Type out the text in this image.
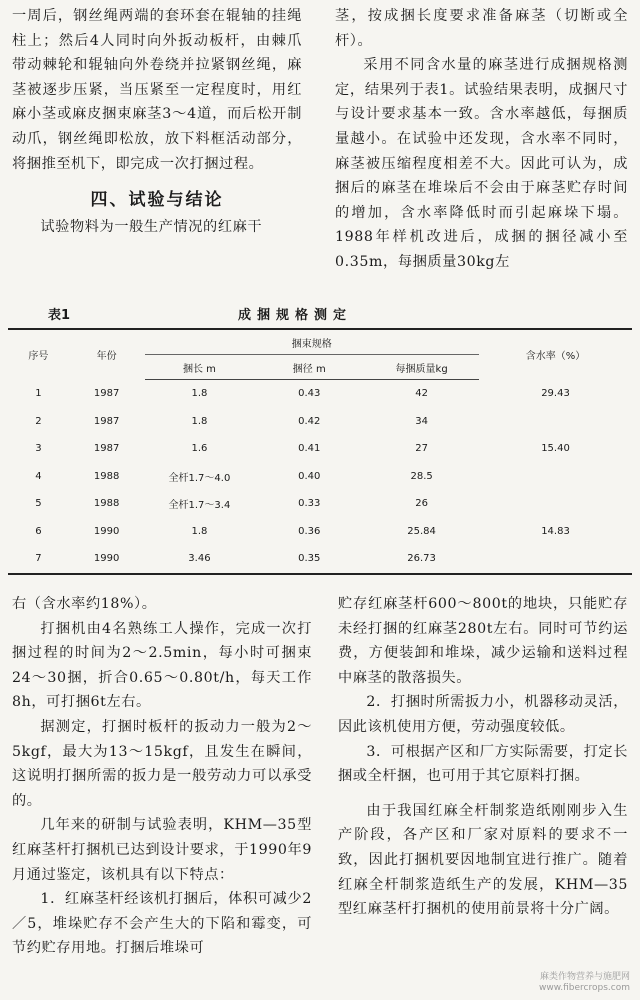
一周后，钢丝绳两端的套环套在辊轴的挂绳柱上；然后4人同时向外扳动板杆，由棘爪带动棘轮和辊轴向外卷绕并拉紧钢丝绳，麻茎被逐步压紧，当压紧至一定程度时，用红麻小茎或麻皮捆束麻茎3～4道，而后松开制动爪，钢丝绳即松放，放下料框活动部分，将捆推至机下，即完成一次打捆过程。

四、试验与结论

试验物料为一般生产情况的红麻干

茎，按成捆长度要求准备麻茎（切断或全杆）。

采用不同含水量的麻茎进行成捆规格测定，结果列于表1。试验结果表明，成捆尺寸与设计要求基本一致。含水率越低，每捆质量越小。在试验中还发现，含水率不同时，麻茎被压缩程度相差不大。因此可认为，成捆后的麻茎在堆垛后不会由于麻茎贮存时间的增加，含水率降低时而引起麻垛下塌。1988年样机改进后，成捆的捆径减小至0.35m，每捆质量30kg左

表1	成捆规格测定
序号	年份	捆束规格			含水率（%）
		捆长 m	捆径 m	每捆质量kg	
1	1987	1.8	0.43	42	29.43
2	1987	1.8	0.42	34	
3	1987	1.6	0.41	27	15.40
4	1988	全杆1.7～4.0	0.40	28.5	
5	1988	全杆1.7～3.4	0.33	26	
6	1990	1.8	0.36	25.84	14.83
7	1990	3.46	0.35	26.73	

右（含水率约18%）。

打捆机由4名熟练工人操作，完成一次打捆过程的时间为2～2.5min，每小时可捆束24～30捆，折合0.65～0.80t/h，每天工作8h，可打捆6t左右。

据测定，打捆时板杆的扳动力一般为2～5kgf，最大为13～15kgf，且发生在瞬间，这说明打捆所需的扳力是一般劳动力可以承受的。

几年来的研制与试验表明，KHM—35型红麻茎杆打捆机已达到设计要求，于1990年9月通过鉴定，该机具有以下特点：

1．红麻茎杆经该机打捆后，体积可减少2／5，堆垛贮存不会产生大的下陷和霉变，可节约贮存用地。打捆后堆垛可

贮存红麻茎杆600～800t的地块，只能贮存未经打捆的红麻茎280t左右。同时可节约运费，方便装卸和堆垛，减少运输和送料过程中麻茎的散落损失。

2．打捆时所需扳力小，机器移动灵活，因此该机使用方便，劳动强度较低。

3．可根据产区和厂方实际需要，打定长捆或全杆捆，也可用于其它原料打捆。

由于我国红麻全杆制浆造纸刚刚步入生产阶段，各产区和厂家对原料的要求不一致，因此打捆机要因地制宜进行推广。随着红麻全杆制浆造纸生产的发展，KHM—35型红麻茎杆打捆机的使用前景将十分广阔。

麻类作物营养与施肥网
www.fibercrops.com
